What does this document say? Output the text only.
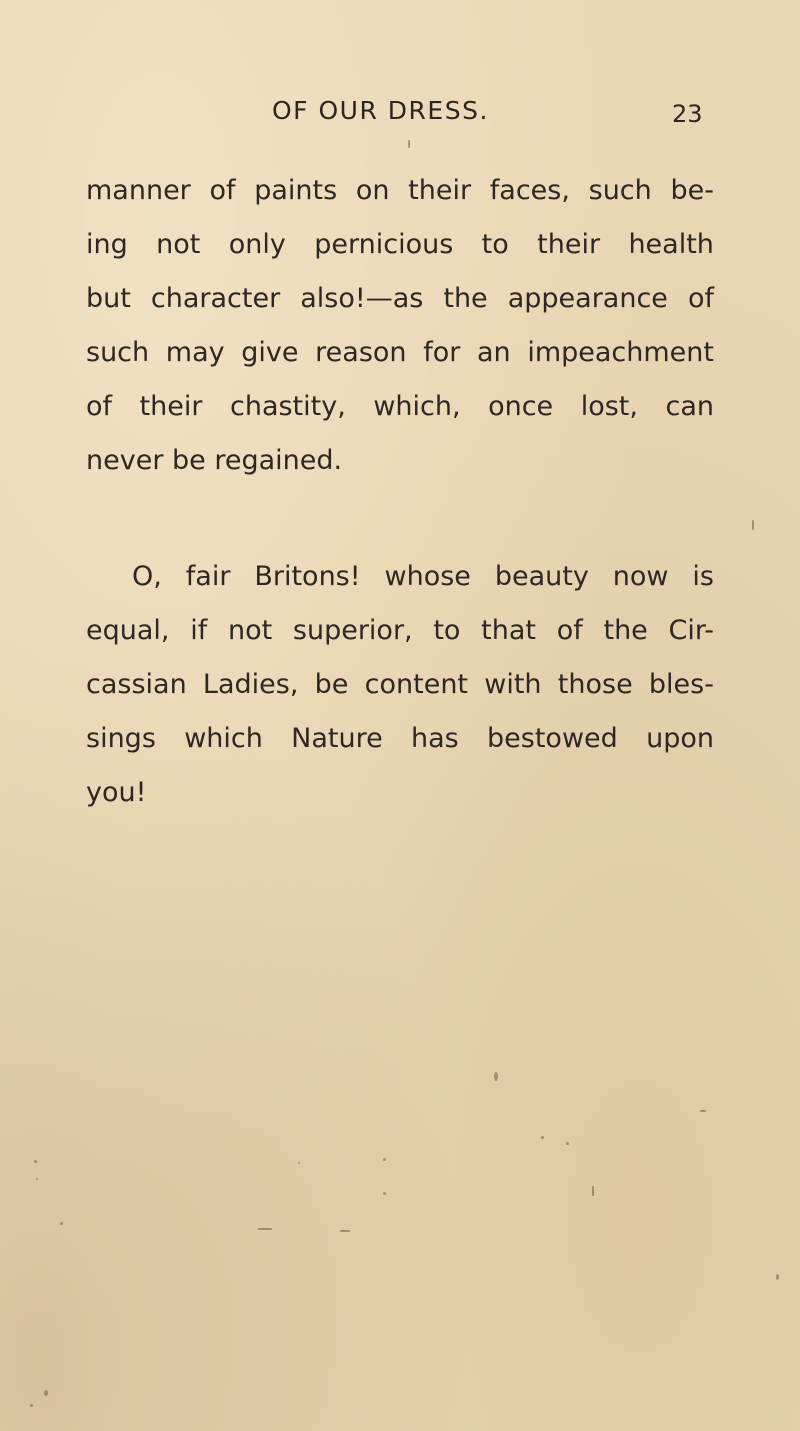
OF OUR DRESS.	23
manner of paints on their faces, such be-
ing not only pernicious to their health
but character also!—as the appearance of
such may give reason for an impeachment
of their chastity, which, once lost, can
never be regained.
O, fair Britons! whose beauty now is
equal, if not superior, to that of the Cir-
cassian Ladies, be content with those bles-
sings which Nature has bestowed upon
you!
